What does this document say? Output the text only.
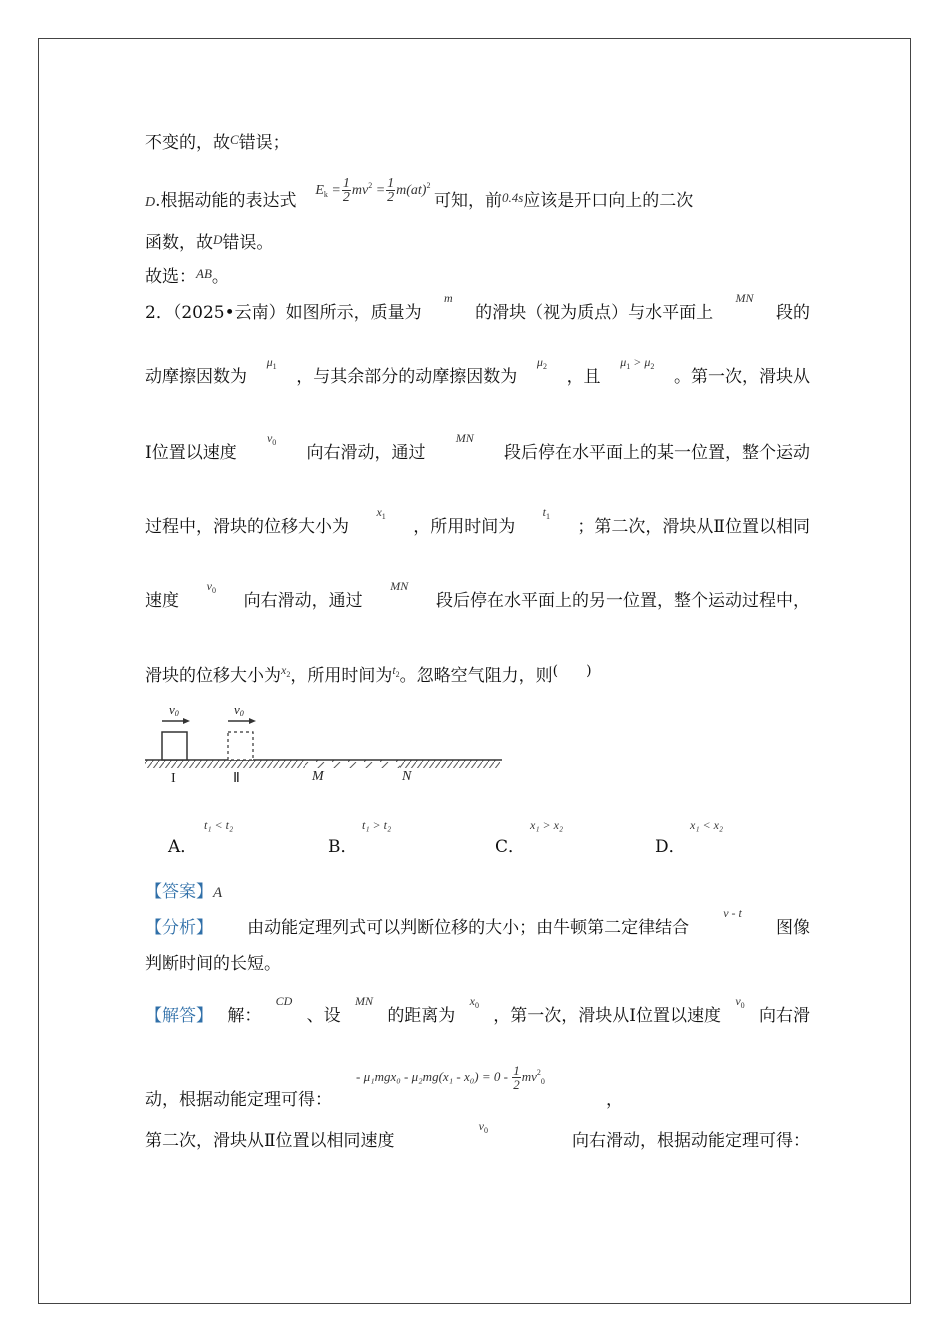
不变的，故$^C$错误；
D.根据动能的表达式  $^{E_k = \frac{1}{2} mv^2 = \frac{1}{2} m(at)^2}$ 可知，前$^{0.4s}$应该是开口向上的二次
函数，故$^D$错误。
故选：$^{AB}$。
2．（2025•云南）如图所示，质量为
m
的滑块（视为质点）与水平面上
MN
段的
动摩擦因数为
$\mu_1$
，与其余部分的动摩擦因数为
$\mu_2$
，且
$\mu_1 > \mu_2$
。第一次，滑块从
Ⅰ位置以速度
$v_0$
向右滑动，通过
MN
段后停在水平面上的某一位置，整个运动
过程中，滑块的位移大小为
$x_1$
，所用时间为
$t_1$
；第二次，滑块从Ⅱ位置以相同
速度
$v_0$
向右滑动，通过
MN
段后停在水平面上的另一位置，整个运动过程中，
滑块的位移大小为$^{x_2}$，所用时间为$^{t_2}$。忽略空气阻力，则(　　)
v0	v0
I	Ⅱ	M	N
A．
t₁ < t₂
B．
t₁ > t₂
C．
x₁ > x₂
D．
x₁ < x₂
【答案】A
【分析】 由动能定理列式可以判断位移的大小；由牛顿第二定律结合
v - t
图像
判断时间的长短。
【解答】 解：
CD
、设
MN
的距离为
$x_0$
，第一次，滑块从Ⅰ位置以速度
$v_0$
向右滑
动，根据动能定理可得：
- $\mu_1mgx_0 - \mu_2mg(x_1 - x_0) = 0 - \frac{1}{2} mv^2_0$
，
第二次，滑块从Ⅱ位置以相同速度
$v_0$
向右滑动，根据动能定理可得：
